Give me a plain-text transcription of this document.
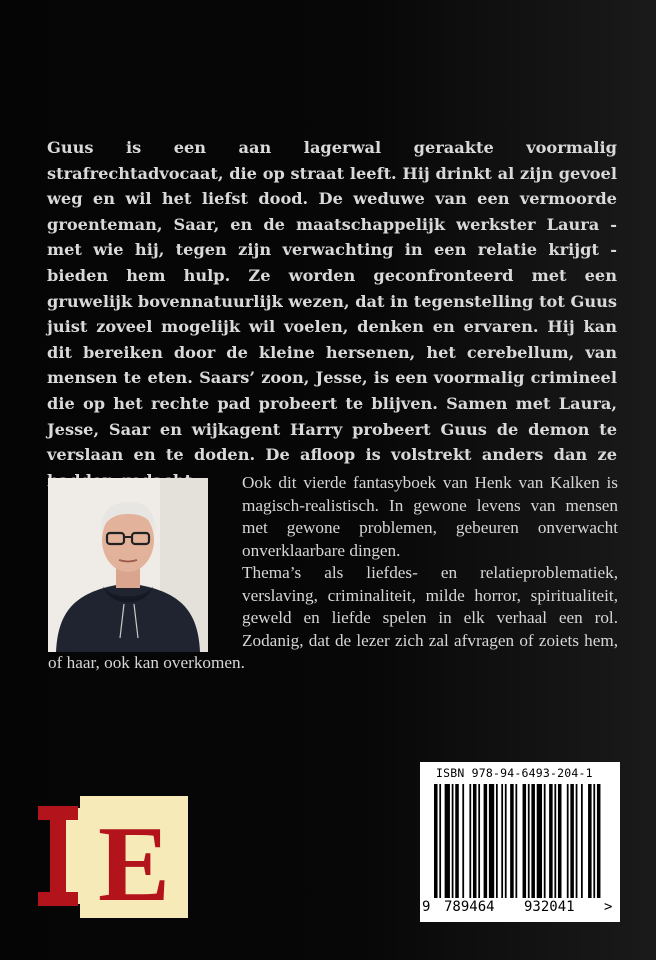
Guus is een aan lagerwal geraakte voormalig strafrechtadvocaat, die op straat leeft. Hij drinkt al zijn gevoel weg en wil het liefst dood. De weduwe van een vermoorde groenteman, Saar, en de maatschappelijk werkster Laura - met wie hij, tegen zijn verwachting in een relatie krijgt - bieden hem hulp. Ze worden geconfronteerd met een gruwelijk bovennatuurlijk wezen, dat in tegenstelling tot Guus juist zoveel mogelijk wil voelen, denken en ervaren. Hij kan dit bereiken door de kleine hersenen, het cerebellum, van mensen te eten. Saars’ zoon, Jesse, is een voormalig crimineel die op het rechte pad probeert te blijven. Samen met Laura, Jesse, Saar en wijkagent Harry probeert Guus de demon te verslaan en te doden. De afloop is volstrekt anders dan ze

Ook dit vierde fantasyboek van Henk van Kalken is magisch-realistisch. In gewone levens van mensen met gewone problemen, gebeuren onverwacht onverklaarbare dingen.

Thema’s als liefdes- en relatieproblematiek, verslaving, criminaliteit, milde horror, spiritualiteit, geweld en liefde spelen in elk verhaal een rol. Zodanig, dat de lezer zich zal afvragen of zoiets hem, of haar, ook kan overkomen.

E
ISBN 978-94-6493-204-1
9 789464 932041 >
